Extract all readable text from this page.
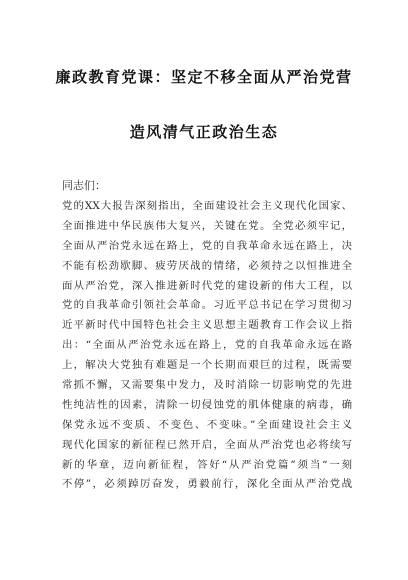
廉政教育党课：坚定不移全面从严治党营
造风清气正政治生态
同志们：
党的XX大报告深刻指出，全面建设社会主义现代化国家、
全面推进中华民族伟大复兴，关键在党。全党必须牢记，
全面从严治党永远在路上，党的自我革命永远在路上，决
不能有松劲歇脚、疲劳厌战的情绪，必须持之以恒推进全
面从严治党，深入推进新时代党的建设新的伟大工程，以
党的自我革命引领社会革命。习近平总书记在学习贯彻习
近平新时代中国特色社会主义思想主题教育工作会议上指
出：“全面从严治党永远在路上，党的自我革命永远在路
上，解决大党独有难题是一个长期而艰巨的过程，既需要
常抓不懈，又需要集中发力，及时消除一切影响党的先进
性纯洁性的因素，清除一切侵蚀党的肌体健康的病毒，确
保党永远不变质、不变色、不变味。”全面建设社会主义
现代化国家的新征程已然开启，全面从严治党也必将续写
新的华章，迈向新征程，答好“从严治党篇”须当“一刻
不停”，必须踔厉奋发，勇毅前行，深化全面从严治党战
